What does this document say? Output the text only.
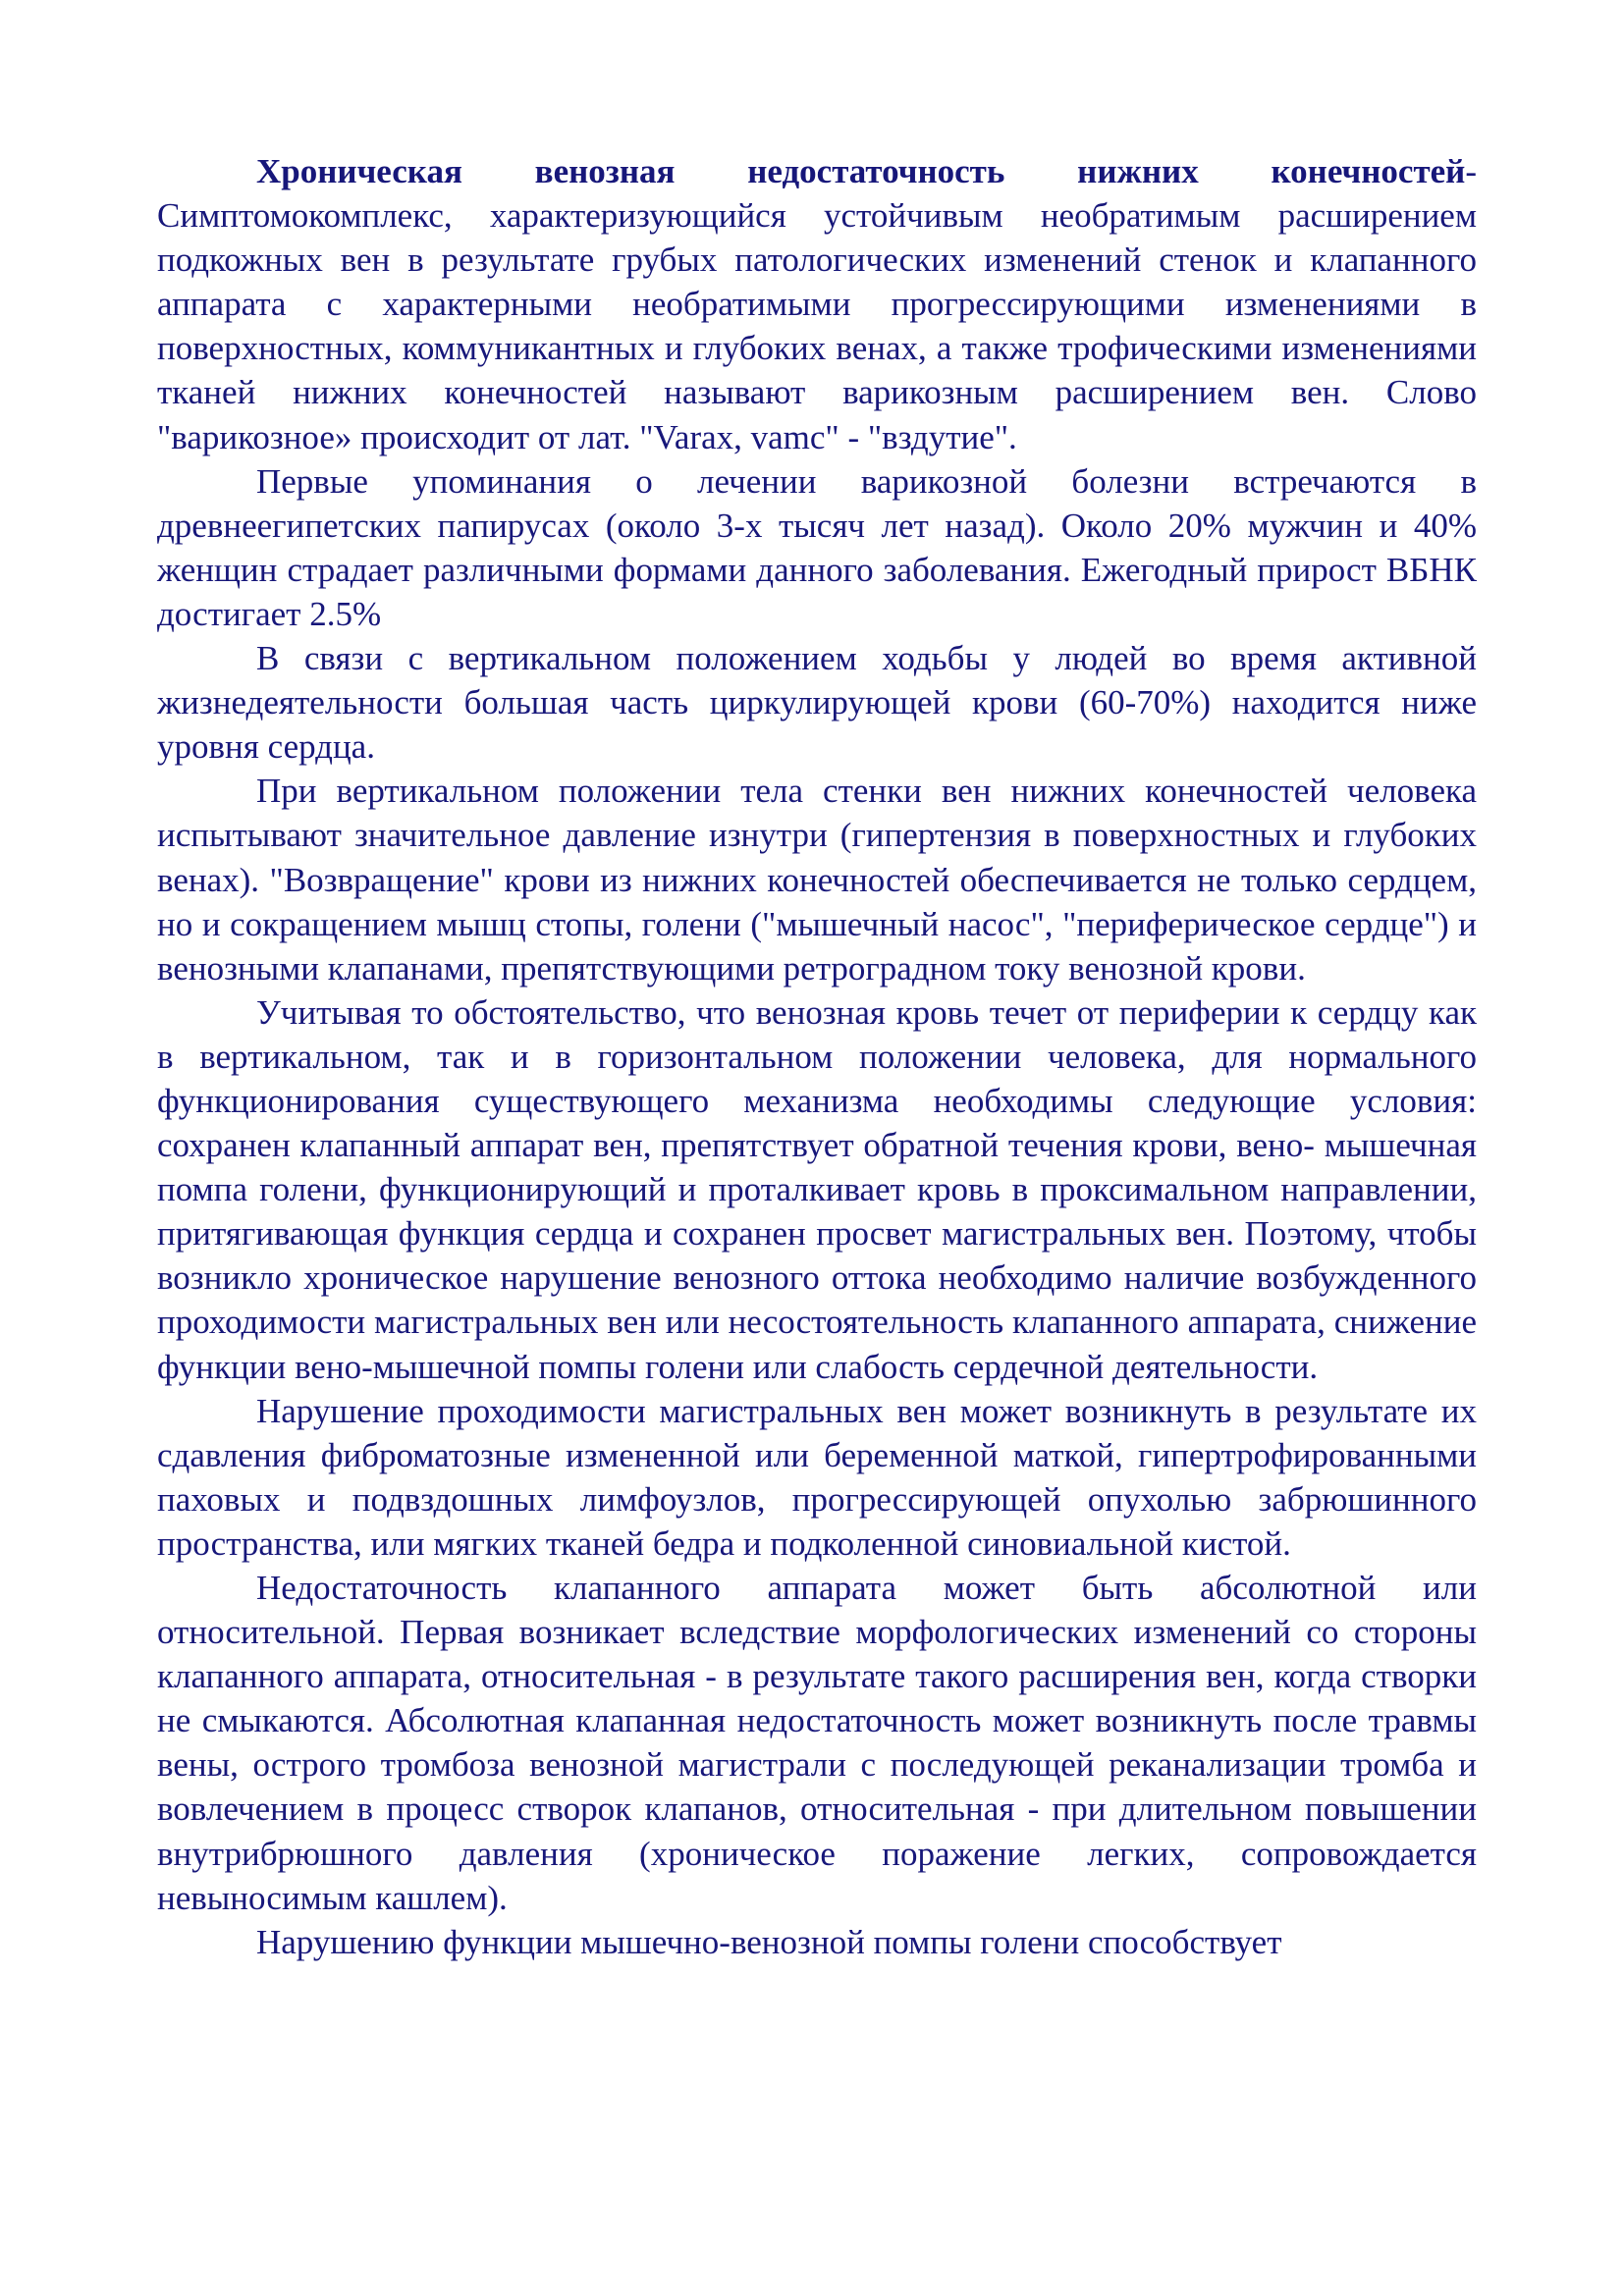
Хроническая венозная недостаточность нижних конечностей- Симптомокомплекс, характеризующийся устойчивым необратимым расширением подкожных вен в результате грубых патологических изменений стенок и клапанного аппарата с характерными необратимыми прогрессирующими изменениями в поверхностных, коммуникантных и глубоких венах, а также трофическими изменениями тканей нижних конечностей называют варикозным расширением вен. Слово "варикозное» происходит от лат. "Varax, vamc" - "вздутие".

Первые упоминания о лечении варикозной болезни встречаются в древнеегипетских папирусах (около 3-х тысяч лет назад). Около 20% мужчин и 40% женщин страдает различными формами данного заболевания. Ежегодный прирост ВБНК достигает 2.5%

В связи с вертикальном положением ходьбы у людей во время активной жизнедеятельности большая часть циркулирующей крови (60-70%) находится ниже уровня сердца.

При вертикальном положении тела стенки вен нижних конечностей человека испытывают значительное давление изнутри (гипертензия в поверхностных и глубоких венах). "Возвращение" крови из нижних конечностей обеспечивается не только сердцем, но и сокращением мышц стопы, голени ("мышечный насос", "периферическое сердце") и венозными клапанами, препятствующими ретроградном току венозной крови.

Учитывая то обстоятельство, что венозная кровь течет от периферии к сердцу как в вертикальном, так и в горизонтальном положении человека, для нормального функционирования существующего механизма необходимы следующие условия: сохранен клапанный аппарат вен, препятствует обратной течения крови, вено- мышечная помпа голени, функционирующий и проталкивает кровь в проксимальном направлении, притягивающая функция сердца и сохранен просвет магистральных вен. Поэтому, чтобы возникло хроническое нарушение венозного оттока необходимо наличие возбужденного проходимости магистральных вен или несостоятельность клапанного аппарата, снижение функции вено-мышечной помпы голени или слабость сердечной деятельности.

Нарушение проходимости магистральных вен может возникнуть в результате их сдавления фиброматозные измененной или беременной маткой, гипертрофированными паховых и подвздошных лимфоузлов, прогрессирующей опухолью забрюшинного пространства, или мягких тканей бедра и подколенной синовиальной кистой.

Недостаточность клапанного аппарата может быть абсолютной или относительной. Первая возникает вследствие морфологических изменений со стороны клапанного аппарата, относительная - в результате такого расширения вен, когда створки не смыкаются. Абсолютная клапанная недостаточность может возникнуть после травмы вены, острого тромбоза венозной магистрали с последующей реканализации тромба и вовлечением в процесс створок клапанов, относительная - при длительном повышении внутрибрюшного давления (хроническое поражение легких, сопровождается невыносимым кашлем).

Нарушению функции мышечно-венозной помпы голени способствует
